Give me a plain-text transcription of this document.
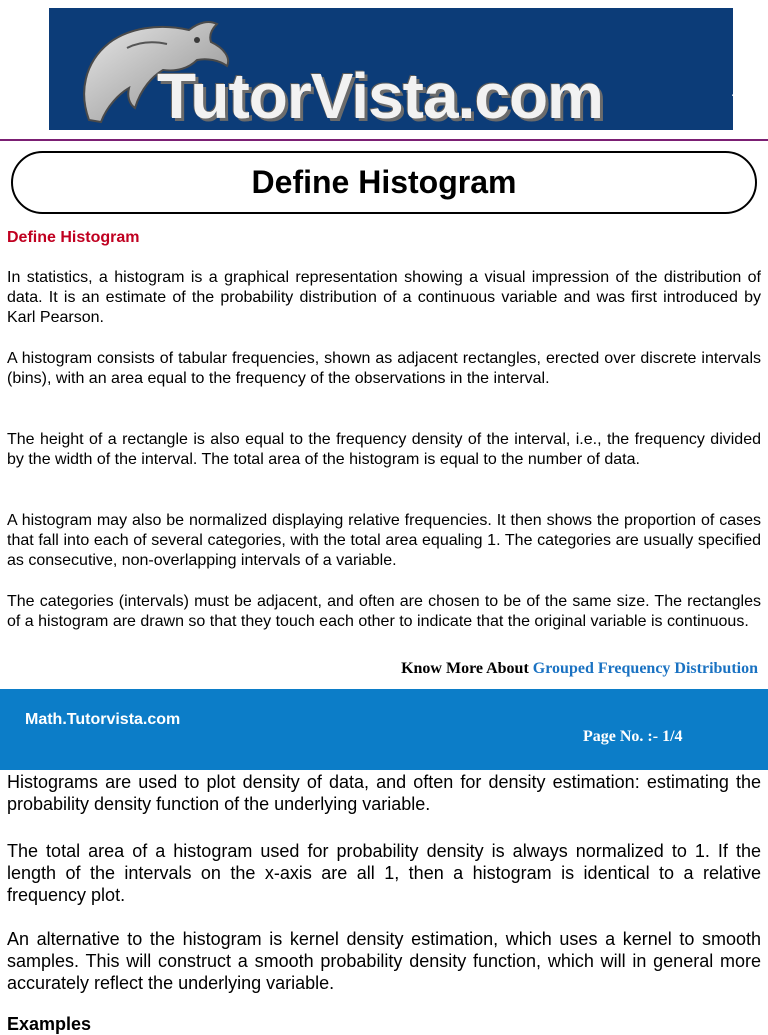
TutorVista.com	TM
Define Histogram
Define Histogram

In statistics, a histogram is a graphical representation showing a visual impression of the distribution of data. It is an estimate of the probability distribution of a continuous variable and was first introduced by Karl Pearson.

A histogram consists of tabular frequencies, shown as adjacent rectangles, erected over discrete intervals (bins), with an area equal to the frequency of the observations in the interval.

The height of a rectangle is also equal to the frequency density of the interval, i.e., the frequency divided by the width of the interval. The total area of the histogram is equal to the number of data.

A histogram may also be normalized displaying relative frequencies. It then shows the proportion of cases that fall into each of several categories, with the total area equaling 1. The categories are usually specified as consecutive, non-overlapping intervals of a variable.

The categories (intervals) must be adjacent, and often are chosen to be of the same size. The rectangles of a histogram are drawn so that they touch each other to indicate that the original variable is continuous.

Know More About Grouped Frequency Distribution
Math.Tutorvista.com
Page No. :- 1/4

Histograms are used to plot density of data, and often for density estimation: estimating the probability density function of the underlying variable.

The total area of a histogram used for probability density is always normalized to 1. If the length of the intervals on the x-axis are all 1, then a histogram is identical to a relative frequency plot.

An alternative to the histogram is kernel density estimation, which uses a kernel to smooth samples. This will construct a smooth probability density function, which will in general more accurately reflect the underlying variable.

Examples
